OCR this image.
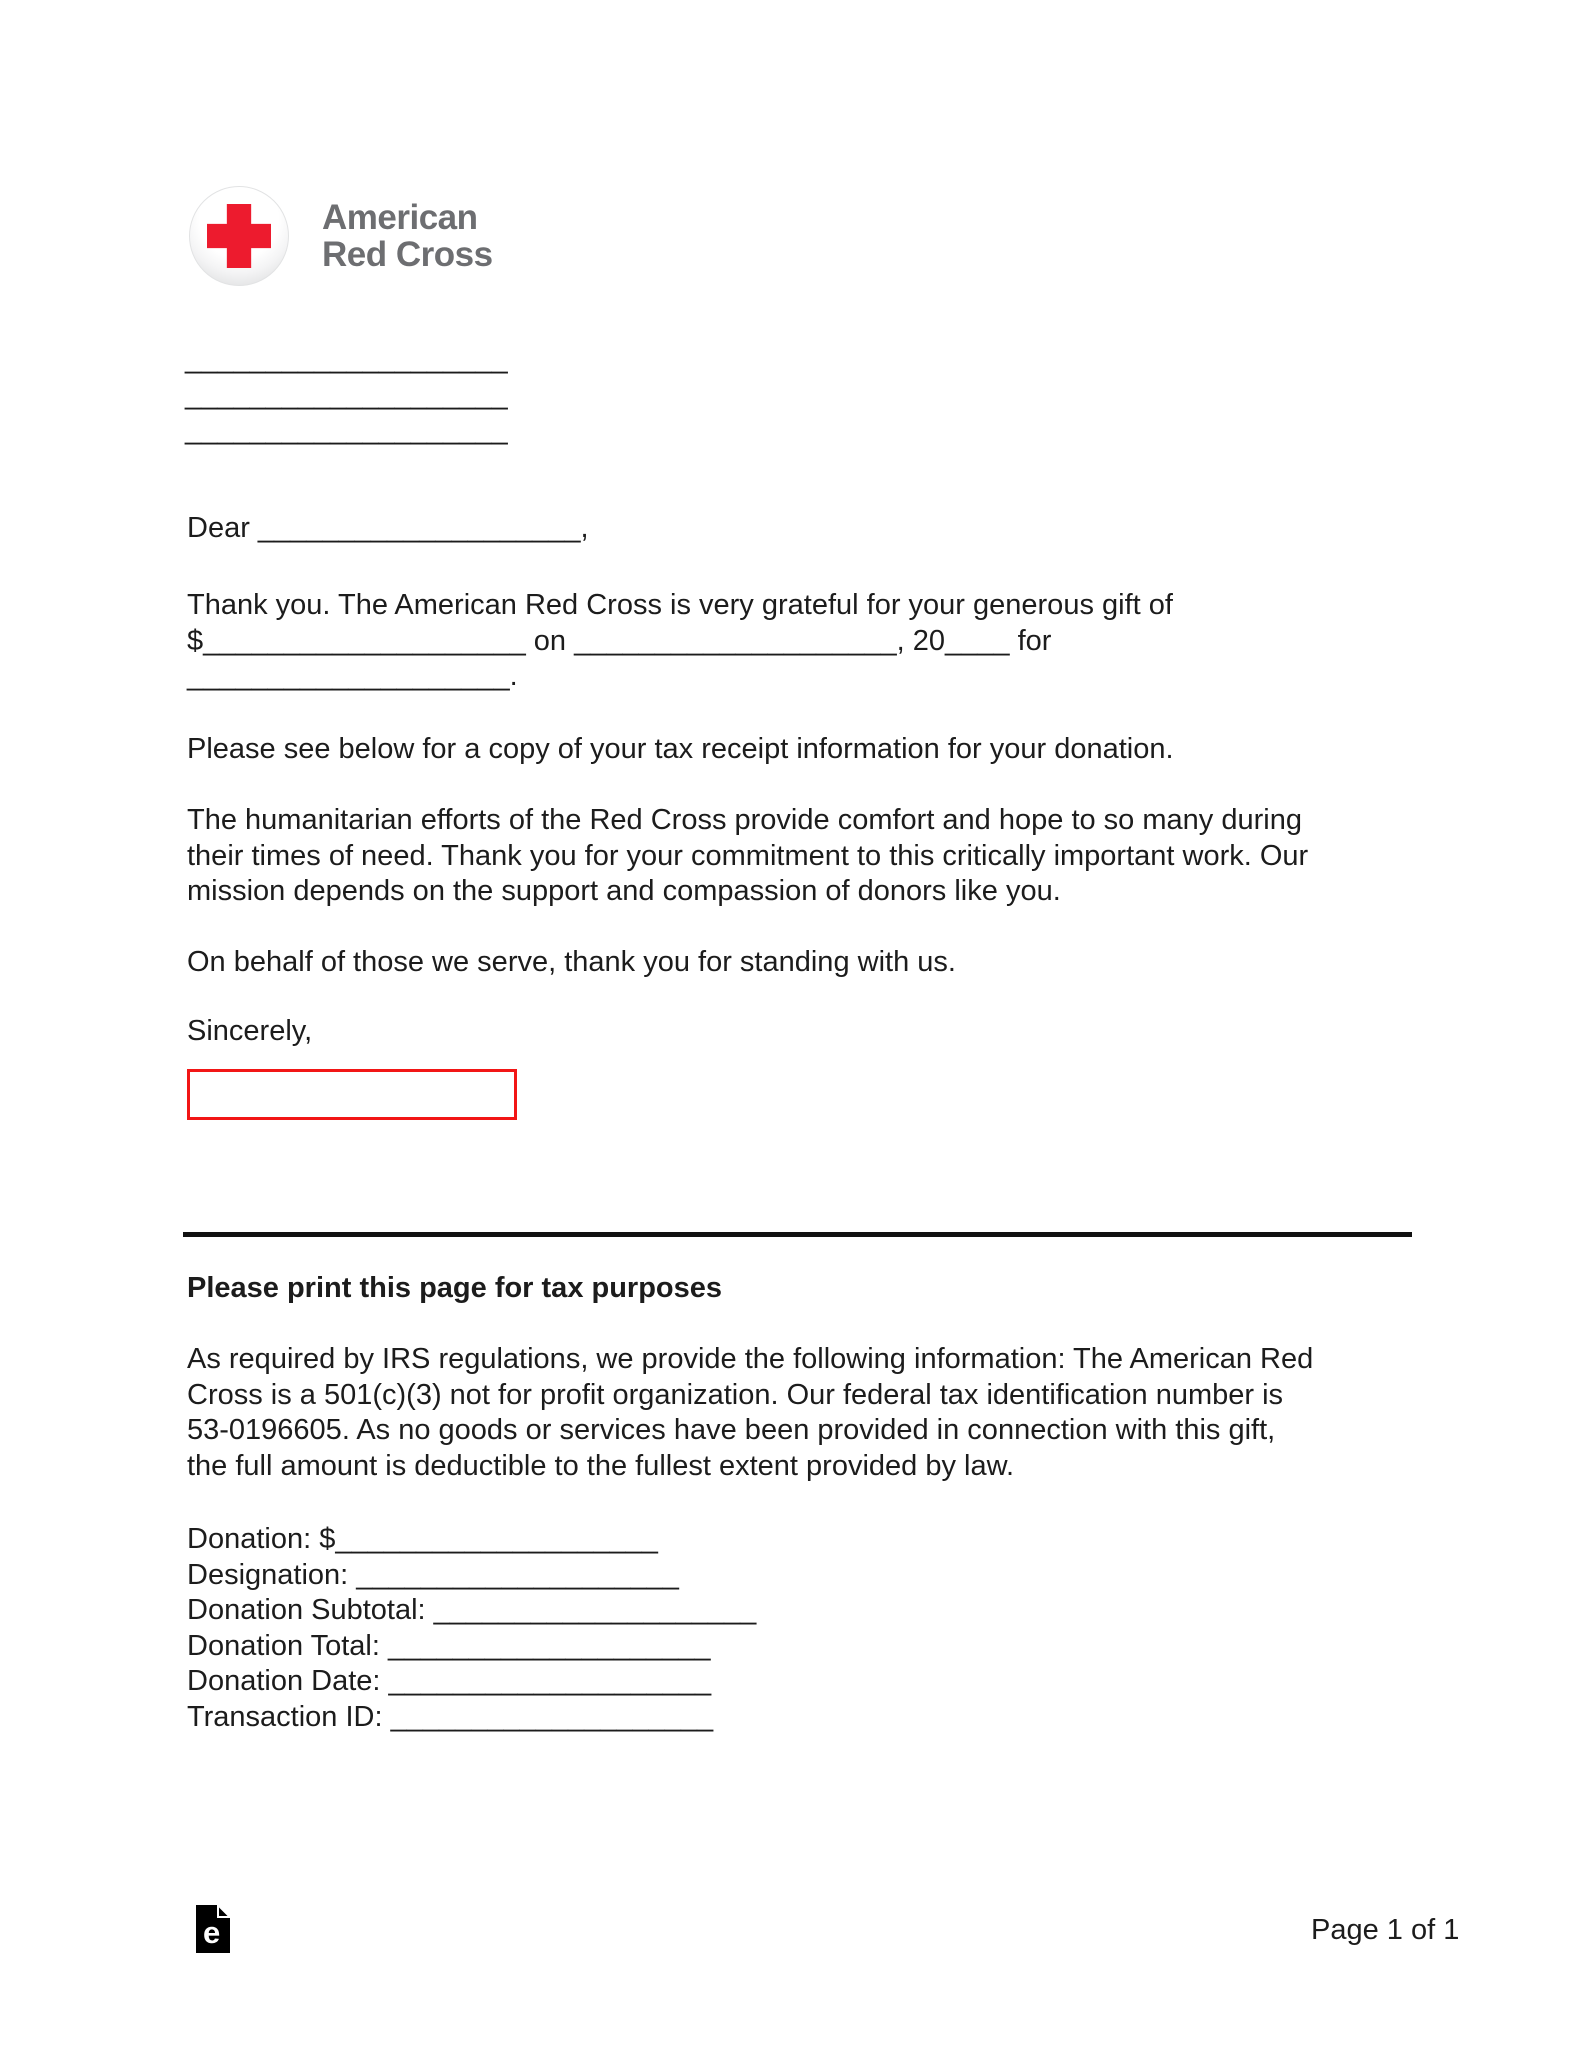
American
Red Cross
____________________
____________________
____________________
Dear ____________________,
Thank you. The American Red Cross is very grateful for your generous gift of
$____________________ on ____________________, 20____ for
____________________.
Please see below for a copy of your tax receipt information for your donation.
The humanitarian efforts of the Red Cross provide comfort and hope to so many during
their times of need. Thank you for your commitment to this critically important work. Our
mission depends on the support and compassion of donors like you.
On behalf of those we serve, thank you for standing with us.
Sincerely,
Please print this page for tax purposes
As required by IRS regulations, we provide the following information: The American Red
Cross is a 501(c)(3) not for profit organization. Our federal tax identification number is
53-0196605. As no goods or services have been provided in connection with this gift,
the full amount is deductible to the fullest extent provided by law.
Donation: $____________________
Designation: ____________________
Donation Subtotal: ____________________
Donation Total: ____________________
Donation Date: ____________________
Transaction ID: ____________________
e	Page 1 of 1
